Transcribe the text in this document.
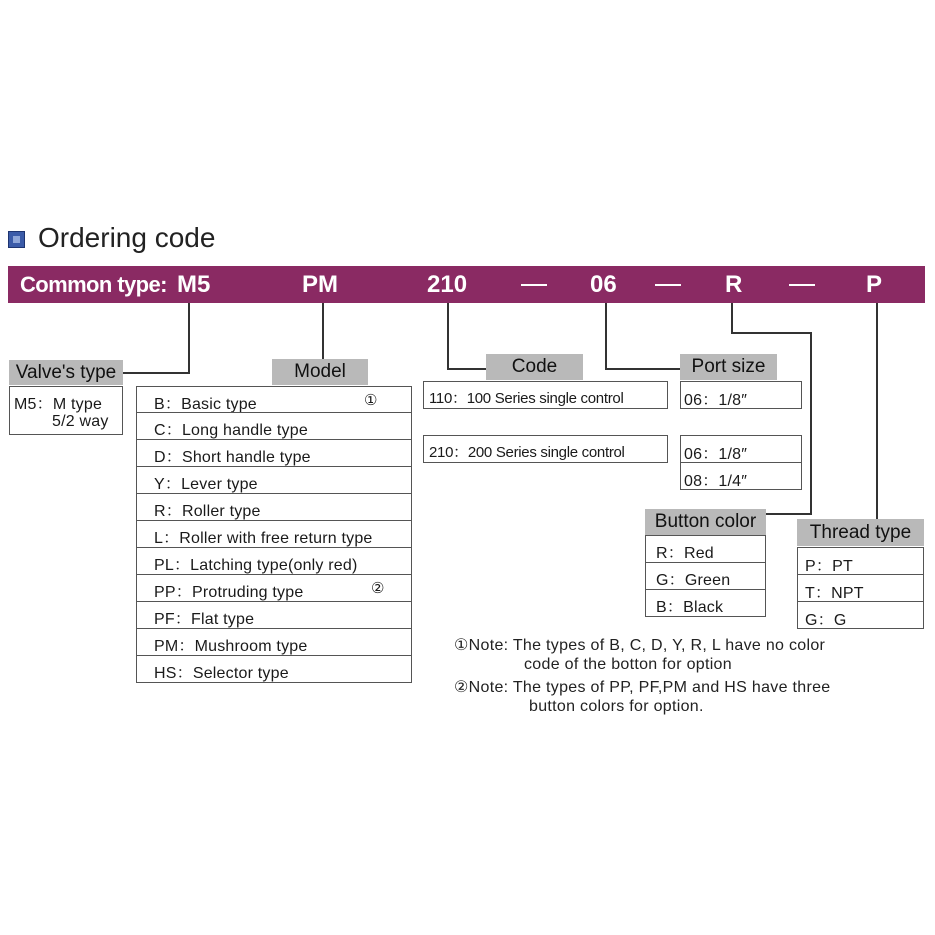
Ordering code
Common type: M5	PM	210	06	R	P
Valve's type
M5：M type
5/2 way
Model
B：Basic type	①
C：Long handle type
D：Short handle type
Y：Lever type
R：Roller type
L：Roller with free return type
PL：Latching type(only red)
PP：Protruding type	②
PF：Flat type
PM：Mushroom type
HS：Selector type
Code
110：100 Series single control
210：200 Series single control
Port size
06：1/8″
06：1/8″
08：1/4″
Button color
R：Red
G：Green
B：Black
Thread type
P：PT
T：NPT
G：G
①Note: The types of B, C, D, Y, R, L have no color
code of the botton for option
②Note: The types of PP, PF,PM and HS have three
button colors for option.
